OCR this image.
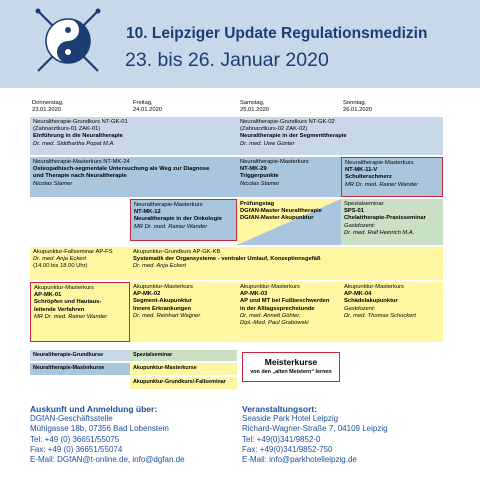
10. Leipziger Update Regulationsmedizin
23. bis 26. Januar 2020
Donnerstag,
23.01.2020
Freitag,
24.01.2020
Samstag,
25.01.2020
Sonntag,
26.01.2020
Neuraltherapie-Grundkurs NT-GK-01
(Zahnarztkurs-01 ZAK-01)
Einführung in die Neuraltherapie
Dr. med. Siddhartha Popat M.A.
Neuraltherapie-Grundkurs NT-GK-02
(Zahnarztkurs-02 ZAK-02)
Neuraltherapie in der Segmenttherapie
Dr. med. Uwe Günter
Neuraltherapie-Masterkurs NT-MK-24
Osteopathisch-segmentale Untersuchung als Weg zur Diagnose
und Therapie nach Neuraltherapie
Nicolas Stamer
Neuraltherapie-Masterkurs
NT-MK-29
Triggerpunkte
Nicolas Stamer
Neuraltherapie-Masterkurs
NT-MK-11-V
Schulterschmerz
MR Dr. med. Rainer Wander
Neuraltherapie-Masterkurs
NT-MK-12
Neuraltherapie in der Onkologie
MR Dr. med. Rainer Wander
Prüfungstag
DGfAN-Master Neuraltherapie
DGfAN-Master Akupunktur
Spezialseminar
SPS-01
Chelattherapie-Praxisseminar
Gastdozent:
Dr. med. Ralf Heinrich M.A.
Akupunktur-Fallseminar AP-FS
Dr. med. Anja Eckert
(14.00 bis 18.00 Uhr)
Akupunktur-Grundkurs AP-GK-KB
Systematik der Organsysteme - ventraler Umlauf, Konzeptionsgefäß
Dr. med. Anja Eckert
Akupunktur-Masterkurs
AP-MK-01
Schröpfen und Hautaus-
leitende Verfahren
MR Dr. med. Rainer Wander
Akupunktur-Masterkurs
AP-MK-02
Segment-Akupunktur
Innere Erkrankungen
Dr. med. Reinhart Wagner
Akupunktur-Masterkurs
AP-MK-03
AP und MT bei Fußbeschwerden
in der Alltagssprechstunde
Dr. med. Annett Göhler,
Dipl.-Med. Paul Grabowski
Akupunktur-Masterkurs
AP-MK-04
Schädelakupunktur
Gastdozent:
Dr. med. Thomas Schockert
Neuraltherapie-Grundkurse	Spezialseminar
Neuraltherapie-Masterkurse	Akupunktur-Masterkurse
Akupunktur-Grundkurs/-Fallseminar
Meisterkurse
von den „alten Meistern“ lernen
Auskunft und Anmeldung über:
DGfAN-Geschäftsstelle
Mühlgasse 18b, 07356 Bad Lobenstein
Tel: +49 (0) 36651/55075
Fax: +49 (0) 36651/55074
E-Mail: DGfAN@t-online.de, info@dgfan.de
Veranstaltungsort:
Seaside Park Hotel Leipzig
Richard-Wagner-Straße 7, 04109 Leipzig
Tel: +49(0)341/9852-0
Fax: +49(0)341/9852-750
E-Mail: info@parkhotelleipzig.de
